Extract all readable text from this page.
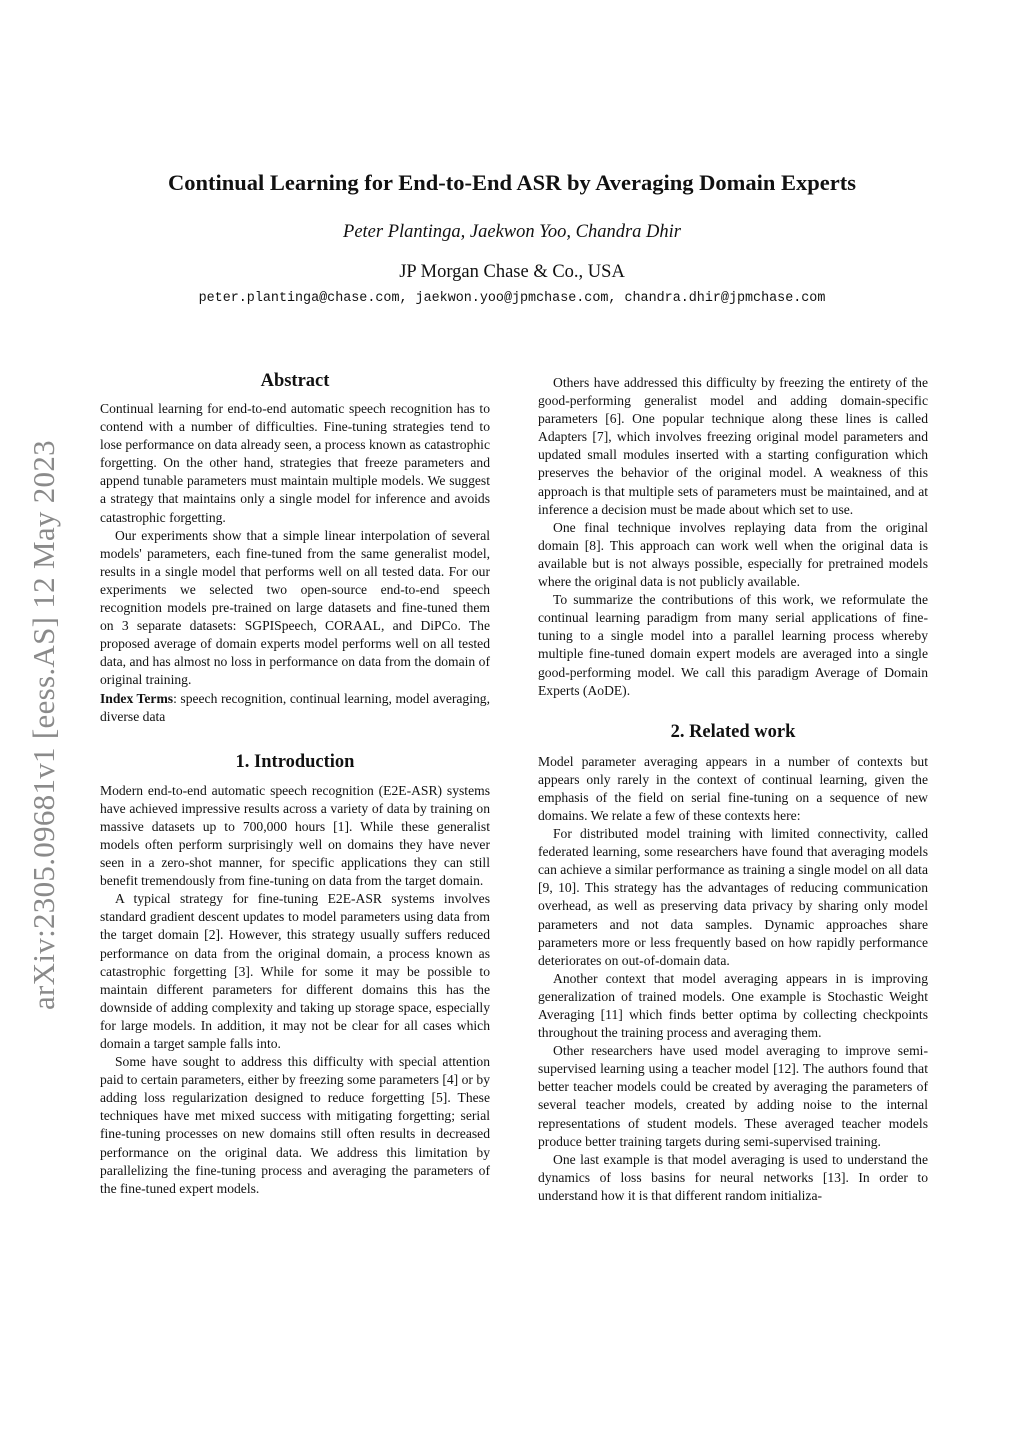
Continual Learning for End-to-End ASR by Averaging Domain Experts
Peter Plantinga, Jaekwon Yoo, Chandra Dhir
JP Morgan Chase & Co., USA
peter.plantinga@chase.com, jaekwon.yoo@jpmchase.com, chandra.dhir@jpmchase.com
arXiv:2305.09681v1 [eess.AS] 12 May 2023
Abstract

Continual learning for end-to-end automatic speech recognition has to contend with a number of difficulties. Fine-tuning strategies tend to lose performance on data already seen, a process known as catastrophic forgetting. On the other hand, strategies that freeze parameters and append tunable parameters must maintain multiple models. We suggest a strategy that maintains only a single model for inference and avoids catastrophic forgetting.

Our experiments show that a simple linear interpolation of several models' parameters, each fine-tuned from the same generalist model, results in a single model that performs well on all tested data. For our experiments we selected two open-source end-to-end speech recognition models pre-trained on large datasets and fine-tuned them on 3 separate datasets: SGPISpeech, CORAAL, and DiPCo. The proposed average of domain experts model performs well on all tested data, and has almost no loss in performance on data from the domain of original training.

Index Terms: speech recognition, continual learning, model averaging, diverse data

1. Introduction

Modern end-to-end automatic speech recognition (E2E-ASR) systems have achieved impressive results across a variety of data by training on massive datasets up to 700,000 hours [1]. While these generalist models often perform surprisingly well on domains they have never seen in a zero-shot manner, for specific applications they can still benefit tremendously from fine-tuning on data from the target domain.

A typical strategy for fine-tuning E2E-ASR systems involves standard gradient descent updates to model parameters using data from the target domain [2]. However, this strategy usually suffers reduced performance on data from the original domain, a process known as catastrophic forgetting [3]. While for some it may be possible to maintain different parameters for different domains this has the downside of adding complexity and taking up storage space, especially for large models. In addition, it may not be clear for all cases which domain a target sample falls into.

Some have sought to address this difficulty with special attention paid to certain parameters, either by freezing some parameters [4] or by adding loss regularization designed to reduce forgetting [5]. These techniques have met mixed success with mitigating forgetting; serial fine-tuning processes on new domains still often results in decreased performance on the original data. We address this limitation by parallelizing the fine-tuning process and averaging the parameters of the fine-tuned expert models.

Others have addressed this difficulty by freezing the entirety of the good-performing generalist model and adding domain-specific parameters [6]. One popular technique along these lines is called Adapters [7], which involves freezing original model parameters and updated small modules inserted with a starting configuration which preserves the behavior of the original model. A weakness of this approach is that multiple sets of parameters must be maintained, and at inference a decision must be made about which set to use.

One final technique involves replaying data from the original domain [8]. This approach can work well when the original data is available but is not always possible, especially for pretrained models where the original data is not publicly available.

To summarize the contributions of this work, we reformulate the continual learning paradigm from many serial applications of fine-tuning to a single model into a parallel learning process whereby multiple fine-tuned domain expert models are averaged into a single good-performing model. We call this paradigm Average of Domain Experts (AoDE).

2. Related work

Model parameter averaging appears in a number of contexts but appears only rarely in the context of continual learning, given the emphasis of the field on serial fine-tuning on a sequence of new domains. We relate a few of these contexts here:

For distributed model training with limited connectivity, called federated learning, some researchers have found that averaging models can achieve a similar performance as training a single model on all data [9, 10]. This strategy has the advantages of reducing communication overhead, as well as preserving data privacy by sharing only model parameters and not data samples. Dynamic approaches share parameters more or less frequently based on how rapidly performance deteriorates on out-of-domain data.

Another context that model averaging appears in is improving generalization of trained models. One example is Stochastic Weight Averaging [11] which finds better optima by collecting checkpoints throughout the training process and averaging them.

Other researchers have used model averaging to improve semi-supervised learning using a teacher model [12]. The authors found that better teacher models could be created by averaging the parameters of several teacher models, created by adding noise to the internal representations of student models. These averaged teacher models produce better training targets during semi-supervised training.

One last example is that model averaging is used to understand the dynamics of loss basins for neural networks [13]. In order to understand how it is that different random initializa-
